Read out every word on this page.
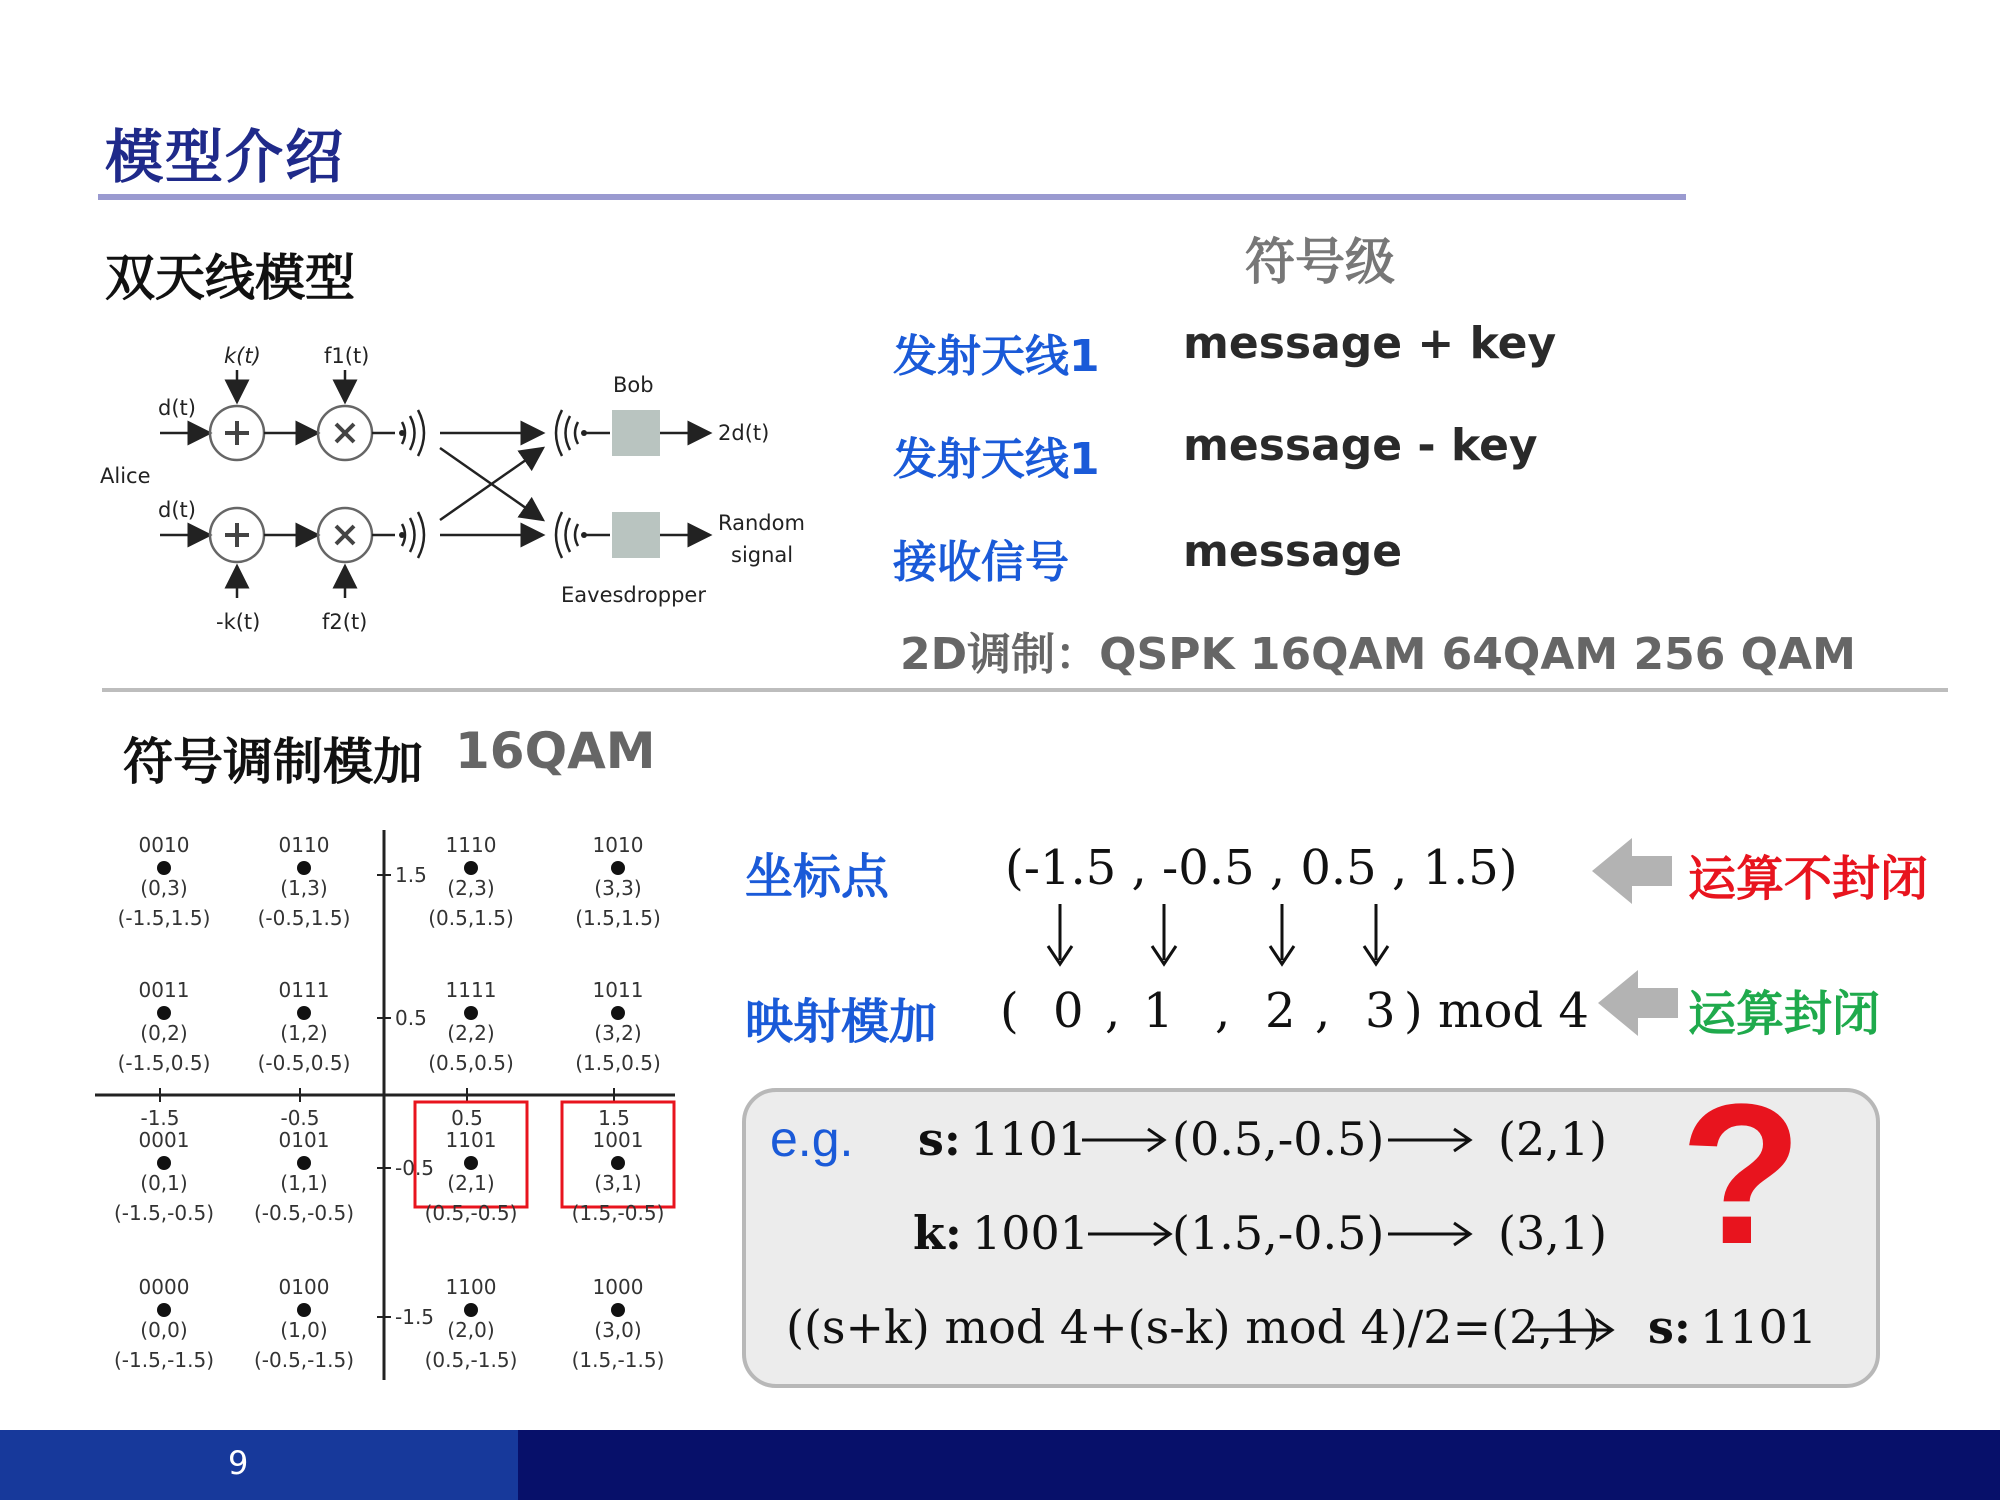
模型介绍
双天线模型
Alice
d(t)
d(t)
k(t)	f1(t)
-k(t)	f2(t)
Bob
2d(t)
Eavesdropper
Random
signal
符号级
发射天线1 message + key
发射天线1 message - key
接收信号	message
2D调制：QSPK 16QAM 64QAM 256 QAM
符号调制模加 16QAM
-1.5	-0.5	0.5	1.5
1.5
0.5
-0.5
-1.5
0010
(0,3)
(-1.5,1.5)
0110
(1,3)
(-0.5,1.5)
1110
(2,3)
(0.5,1.5)
1010
(3,3)
(1.5,1.5)
0011
(0,2)
(-1.5,0.5)
0111
(1,2)
(-0.5,0.5)
1111
(2,2)
(0.5,0.5)
1011
(3,2)
(1.5,0.5)
0001
(0,1)
(-1.5,-0.5)
0101
(1,1)
(-0.5,-0.5)
1101
(2,1)
(0.5,-0.5)
1001
(3,1)
(1.5,-0.5)
0000
(0,0)
(-1.5,-1.5)
0100
(1,0)
(-0.5,-1.5)
1100
(2,0)
(0.5,-1.5)
1000
(3,0)
(1.5,-1.5)
坐标点 (-1.5 , -0.5 , 0.5 , 1.5)
映射模加 ( 0 , 1 , 2 , 3 ) mod 4
运算不封闭
运算封闭
e.g. s: 1101 (0.5,-0.5) (2,1)
k: 1001 (1.5,-0.5) (3,1)
((s+k) mod 4+(s-k) mod 4)/2=(2,1) s: 1101
?
9
